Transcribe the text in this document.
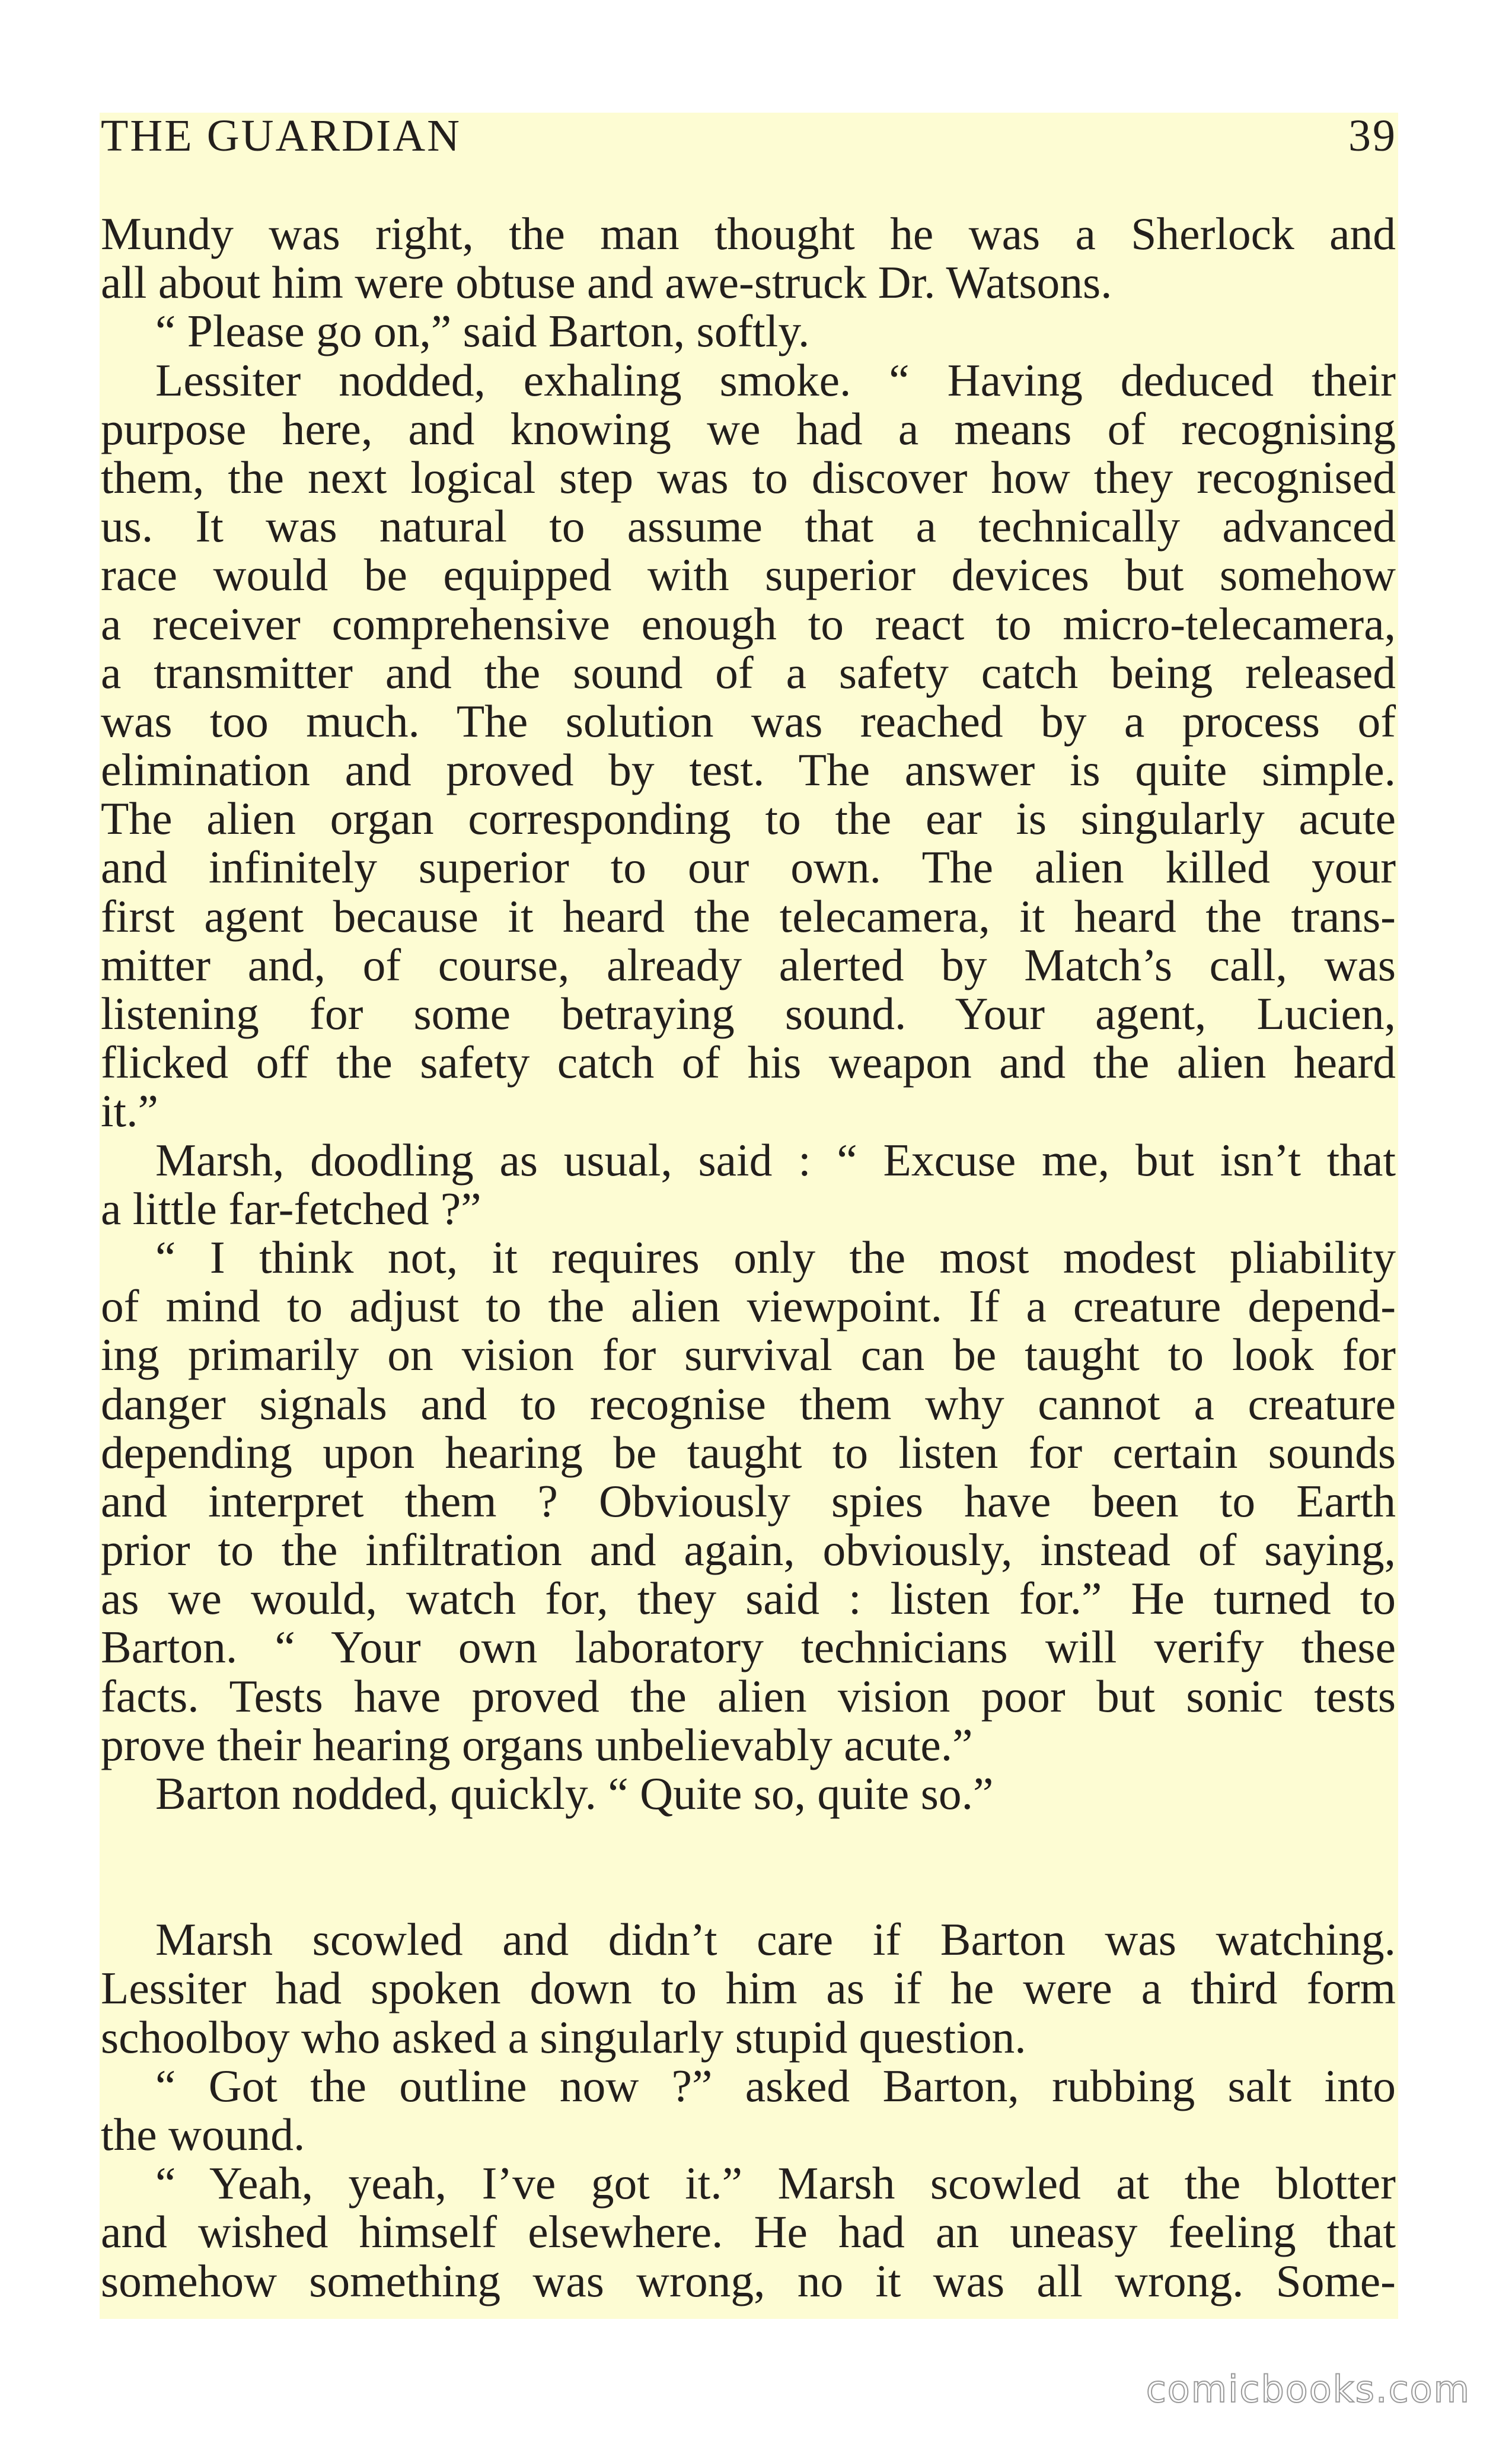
THE GUARDIAN	39
Mundy was right, the man thought he was a Sherlock and
all about him were obtuse and awe-struck Dr. Watsons.
“ Please go on,” said Barton, softly.
Lessiter nodded, exhaling smoke. “ Having deduced their
purpose here, and knowing we had a means of recognising
them, the next logical step was to discover how they recognised
us. It was natural to assume that a technically advanced
race would be equipped with superior devices but somehow
a receiver comprehensive enough to react to micro-telecamera,
a transmitter and the sound of a safety catch being released
was too much. The solution was reached by a process of
elimination and proved by test. The answer is quite simple.
The alien organ corresponding to the ear is singularly acute
and infinitely superior to our own. The alien killed your
first agent because it heard the telecamera, it heard the trans-
mitter and, of course, already alerted by Match’s call, was
listening for some betraying sound. Your agent, Lucien,
flicked off the safety catch of his weapon and the alien heard
it.”
Marsh, doodling as usual, said : “ Excuse me, but isn’t that
a little far-fetched ?”
“ I think not, it requires only the most modest pliability
of mind to adjust to the alien viewpoint. If a creature depend-
ing primarily on vision for survival can be taught to look for
danger signals and to recognise them why cannot a creature
depending upon hearing be taught to listen for certain sounds
and interpret them ? Obviously spies have been to Earth
prior to the infiltration and again, obviously, instead of saying,
as we would, watch for, they said : listen for.” He turned to
Barton. “ Your own laboratory technicians will verify these
facts. Tests have proved the alien vision poor but sonic tests
prove their hearing organs unbelievably acute.”
Barton nodded, quickly. “ Quite so, quite so.”
Marsh scowled and didn’t care if Barton was watching.
Lessiter had spoken down to him as if he were a third form
schoolboy who asked a singularly stupid question.
“ Got the outline now ?” asked Barton, rubbing salt into
the wound.
“ Yeah, yeah, I’ve got it.” Marsh scowled at the blotter
and wished himself elsewhere. He had an uneasy feeling that
somehow something was wrong, no it was all wrong. Some-
comicbooks.com
